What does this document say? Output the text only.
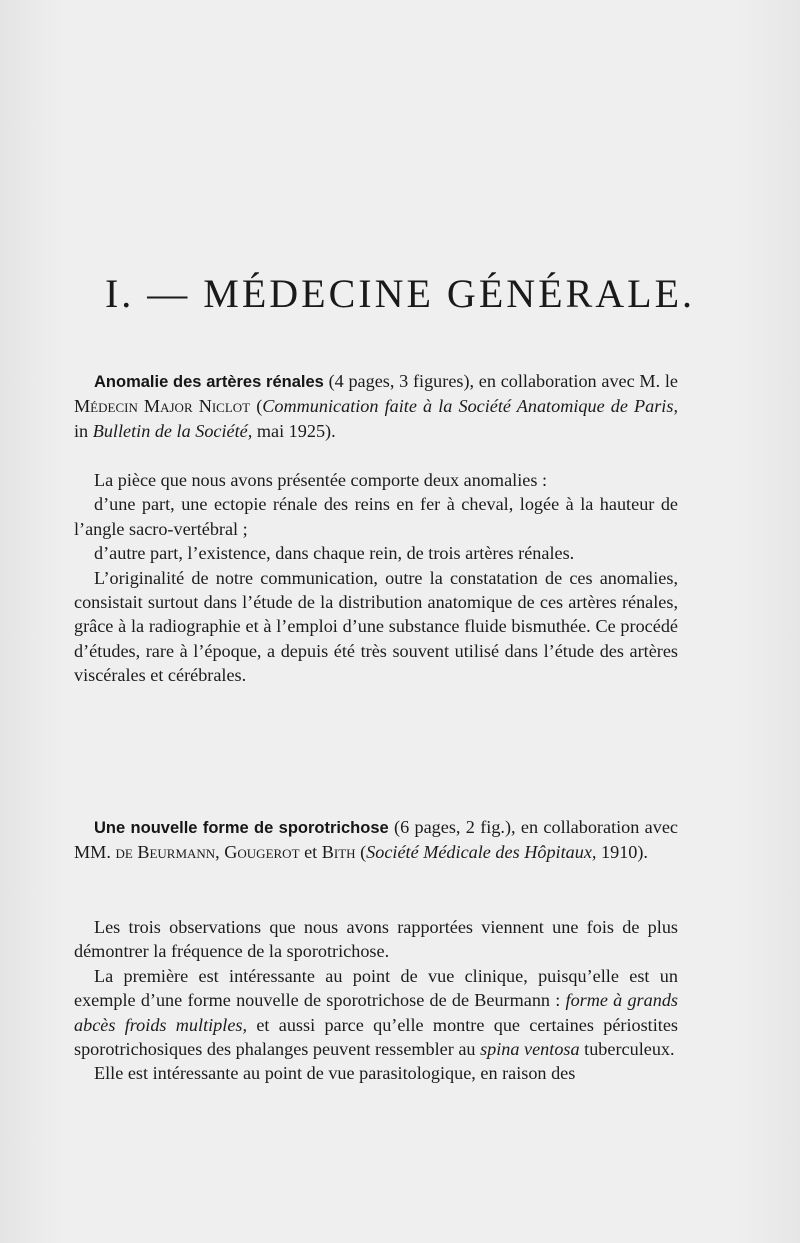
I. — MÉDECINE GÉNÉRALE.

Anomalie des artères rénales (4 pages, 3 figures), en collaboration avec M. le Médecin Major Niclot (Communication faite à la Société Anatomique de Paris, in Bulletin de la Société, mai 1925).

La pièce que nous avons présentée comporte deux anomalies :

d’une part, une ectopie rénale des reins en fer à cheval, logée à la hauteur de l’angle sacro-vertébral ;

d’autre part, l’existence, dans chaque rein, de trois artères rénales.

L’originalité de notre communication, outre la constatation de ces anomalies, consistait surtout dans l’étude de la distribution anatomique de ces artères rénales, grâce à la radiographie et à l’emploi d’une substance fluide bismuthée. Ce procédé d’études, rare à l’époque, a depuis été très souvent utilisé dans l’étude des artères viscérales et cérébrales.

Une nouvelle forme de sporotrichose (6 pages, 2 fig.), en collaboration avec MM. de Beurmann, Gougerot et Bith (Société Médicale des Hôpitaux, 1910).

Les trois observations que nous avons rapportées viennent une fois de plus démontrer la fréquence de la sporotrichose.

La première est intéressante au point de vue clinique, puisqu’elle est un exemple d’une forme nouvelle de sporotrichose de de Beurmann : forme à grands abcès froids multiples, et aussi parce qu’elle montre que certaines périostites sporotrichosiques des phalanges peuvent ressembler au spina ventosa tuberculeux.

Elle est intéressante au point de vue parasitologique, en raison des
